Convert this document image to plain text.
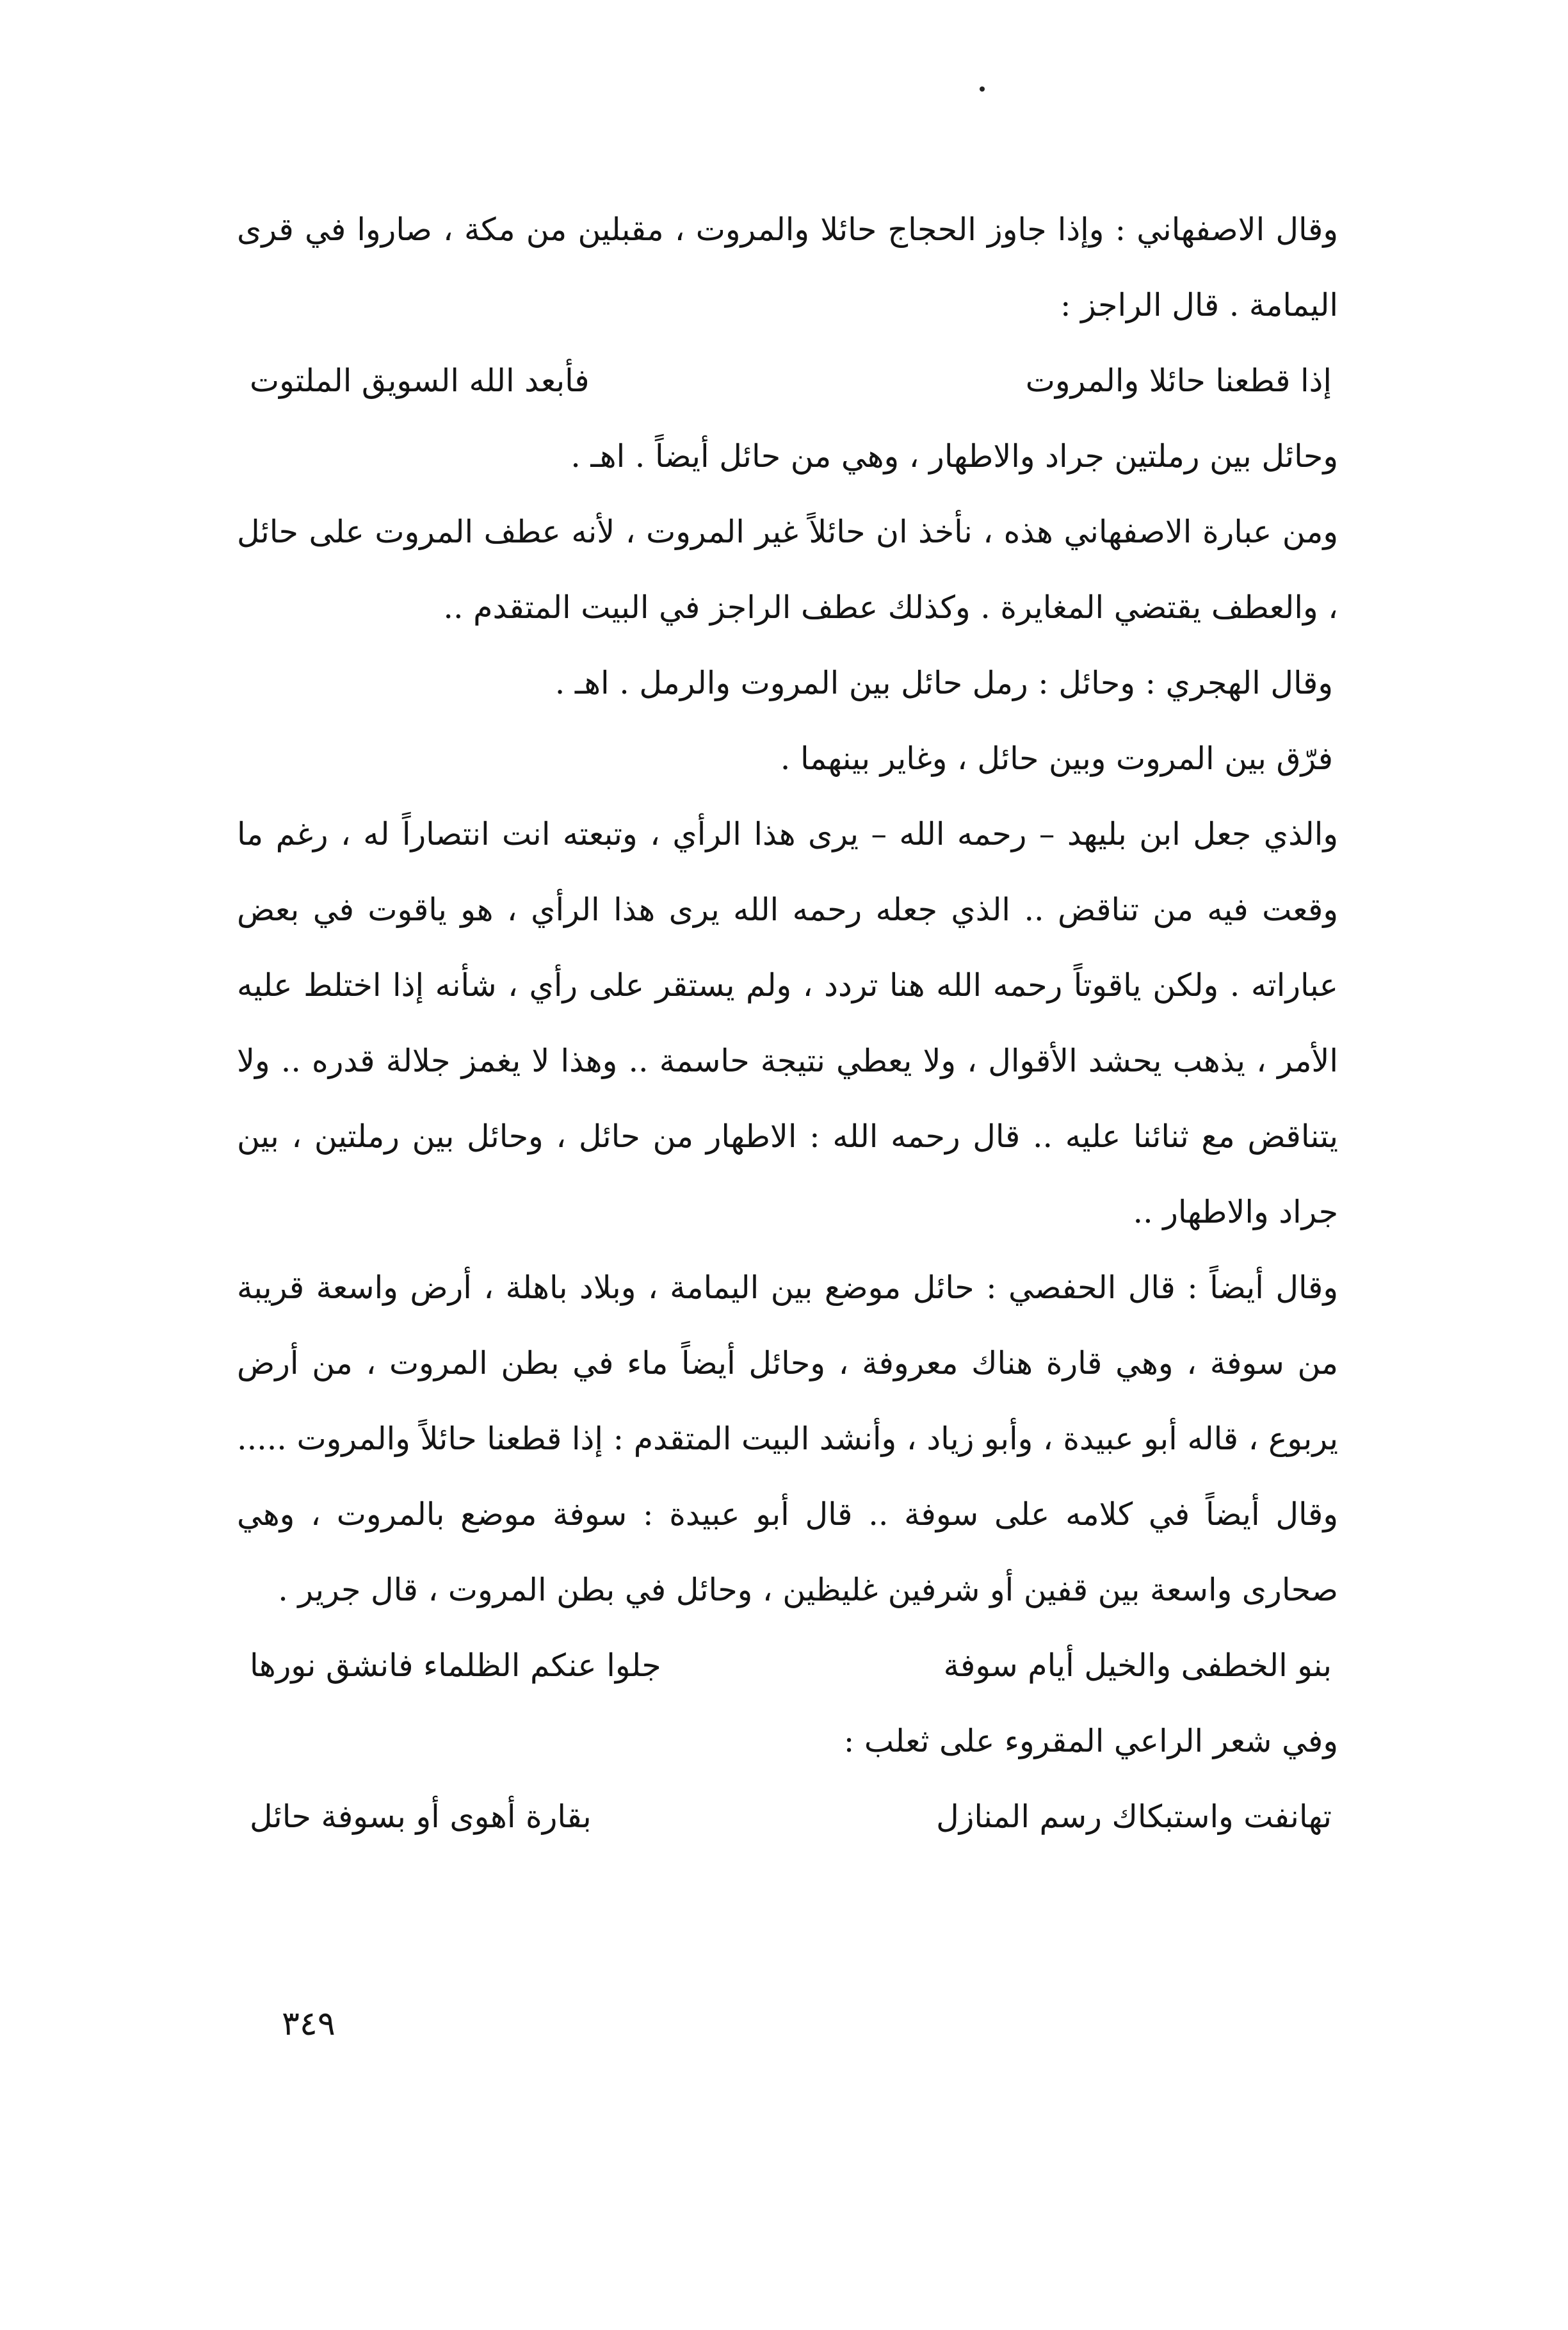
وقال الاصفهاني : وإذا جاوز الحجاج حائلا والمروت ، مقبلين من مكة ، صاروا في قرى اليمامة . قال الراجز :

إذا قطعنا حائلا والمروت
فأبعد الله السويق الملتوت

وحائل بين رملتين جراد والاطهار ، وهي من حائل أيضاً . اهـ .

ومن عبارة الاصفهاني هذه ، نأخذ ان حائلاً غير المروت ، لأنه عطف المروت على حائل ، والعطف يقتضي المغايرة . وكذلك عطف الراجز في البيت المتقدم ..

وقال الهجري : وحائل : رمل حائل بين المروت والرمل . اهـ .

فرّق بين المروت وبين حائل ، وغاير بينهما .

والذي جعل ابن بليهد – رحمه الله – يرى هذا الرأي ، وتبعته انت انتصاراً له ، رغم ما وقعت فيه من تناقض .. الذي جعله رحمه الله يرى هذا الرأي ، هو ياقوت في بعض عباراته . ولكن ياقوتاً رحمه الله هنا تردد ، ولم يستقر على رأي ، شأنه إذا اختلط عليه الأمر ، يذهب يحشد الأقوال ، ولا يعطي نتيجة حاسمة .. وهذا لا يغمز جلالة قدره .. ولا يتناقض مع ثنائنا عليه .. قال رحمه الله : الاطهار من حائل ، وحائل بين رملتين ، بين جراد والاطهار ..

وقال أيضاً : قال الحفصي : حائل موضع بين اليمامة ، وبلاد باهلة ، أرض واسعة قريبة من سوفة ، وهي قارة هناك معروفة ، وحائل أيضاً ماء في بطن المروت ، من أرض يربوع ، قاله أبو عبيدة ، وأبو زياد ، وأنشد البيت المتقدم : إذا قطعنا حائلاً والمروت ..... وقال أيضاً في كلامه على سوفة .. قال أبو عبيدة : سوفة موضع بالمروت ، وهي صحارى واسعة بين قفين أو شرفين غليظين ، وحائل في بطن المروت ، قال جرير .

بنو الخطفى والخيل أيام سوفة
جلوا عنكم الظلماء فانشق نورها

وفي شعر الراعي المقروء على ثعلب :

تهانفت واستبكاك رسم المنازل
بقارة أهوى أو بسوفة حائل
٣٤٩
